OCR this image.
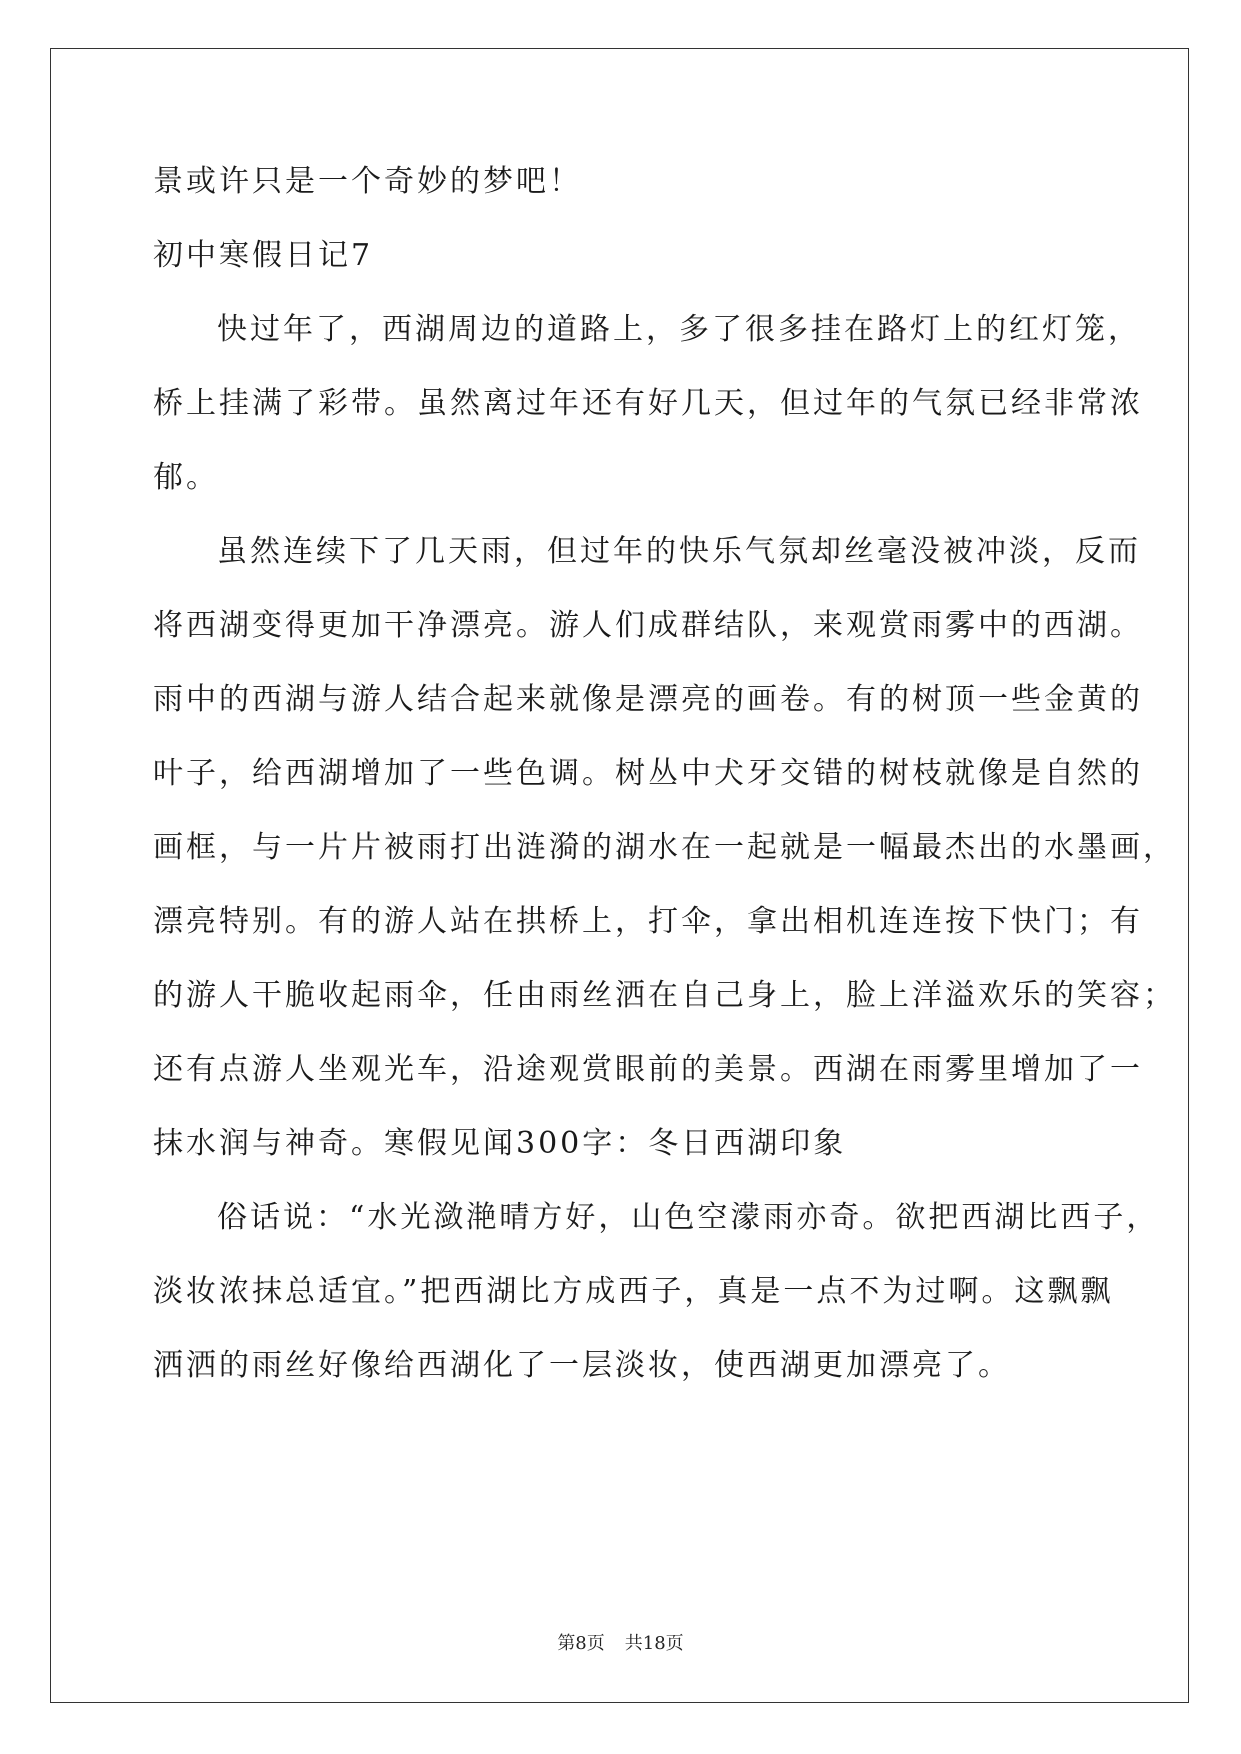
景或许只是一个奇妙的梦吧！
初中寒假日记7
快过年了，西湖周边的道路上，多了很多挂在路灯上的红灯笼，
桥上挂满了彩带。虽然离过年还有好几天，但过年的气氛已经非常浓
郁。
虽然连续下了几天雨，但过年的快乐气氛却丝毫没被冲淡，反而
将西湖变得更加干净漂亮。游人们成群结队，来观赏雨雾中的西湖。
雨中的西湖与游人结合起来就像是漂亮的画卷。有的树顶一些金黄的
叶子，给西湖增加了一些色调。树丛中犬牙交错的树枝就像是自然的
画框，与一片片被雨打出涟漪的湖水在一起就是一幅最杰出的水墨画，
漂亮特别。有的游人站在拱桥上，打伞，拿出相机连连按下快门；有
的游人干脆收起雨伞，任由雨丝洒在自己身上，脸上洋溢欢乐的笑容；
还有点游人坐观光车，沿途观赏眼前的美景。西湖在雨雾里增加了一
抹水润与神奇。寒假见闻300字：冬日西湖印象
俗话说：“水光潋滟晴方好，山色空濛雨亦奇。欲把西湖比西子，
淡妆浓抹总适宜。”把西湖比方成西子，真是一点不为过啊。这飘飘
洒洒的雨丝好像给西湖化了一层淡妆，使西湖更加漂亮了。
第8页 共18页
